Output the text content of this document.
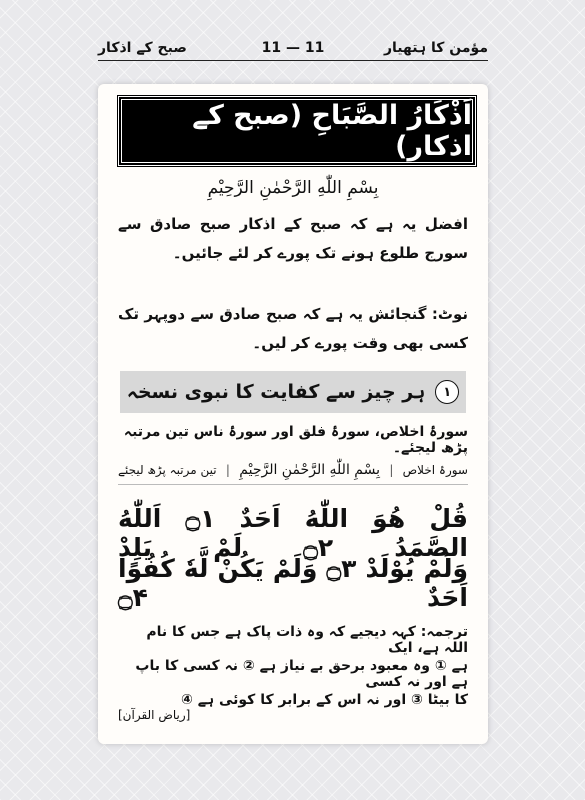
صبح کے اذکار	11 — 11	مؤمن کا ہتھیار
اَذْکَارُ الصَّبَاحِ (صبح کے اذکار)
بِسْمِ اللّٰهِ الرَّحْمٰنِ الرَّحِیْمِ
افضل یہ ہے کہ صبح کے اذکار صبح صادق سے سورج طلوع ہونے تک پورے کر لئے جائیں۔
نوٹ: گنجائش یہ ہے کہ صبح صادق سے دوپہر تک کسی بھی وقت پورے کر لیں۔
۱
ہر چیز سے کفایت کا نبوی نسخہ
سورۂ اخلاص، سورۂ فلق اور سورۂ ناس تین مرتبہ پڑھ لیجئے۔
سورۂ اخلاص
|
بِسْمِ اللّٰهِ الرَّحْمٰنِ الرَّحِیْمِ
|
تین مرتبہ پڑھ لیجئے
قُلْ هُوَ اللّٰهُ اَحَدٌ ۝۱ اَللّٰهُ الصَّمَدُ ۝۲ لَمْ یَلِدْ
وَلَمْ یُوْلَدْ ۝۳ وَلَمْ یَكُنْ لَّهٗ كُفُوًا اَحَدٌ ۝۴
ترجمہ: کہہ دیجیے کہ وہ ذات پاک ہے جس کا نام اللہ ہے، ایک
ہے ① وہ معبود برحق بے نیاز ہے ② نہ کسی کا باپ ہے اور نہ کسی
کا بیٹا ③ اور نہ اس کے برابر کا کوئی ہے ④
[ریاض القرآن]
